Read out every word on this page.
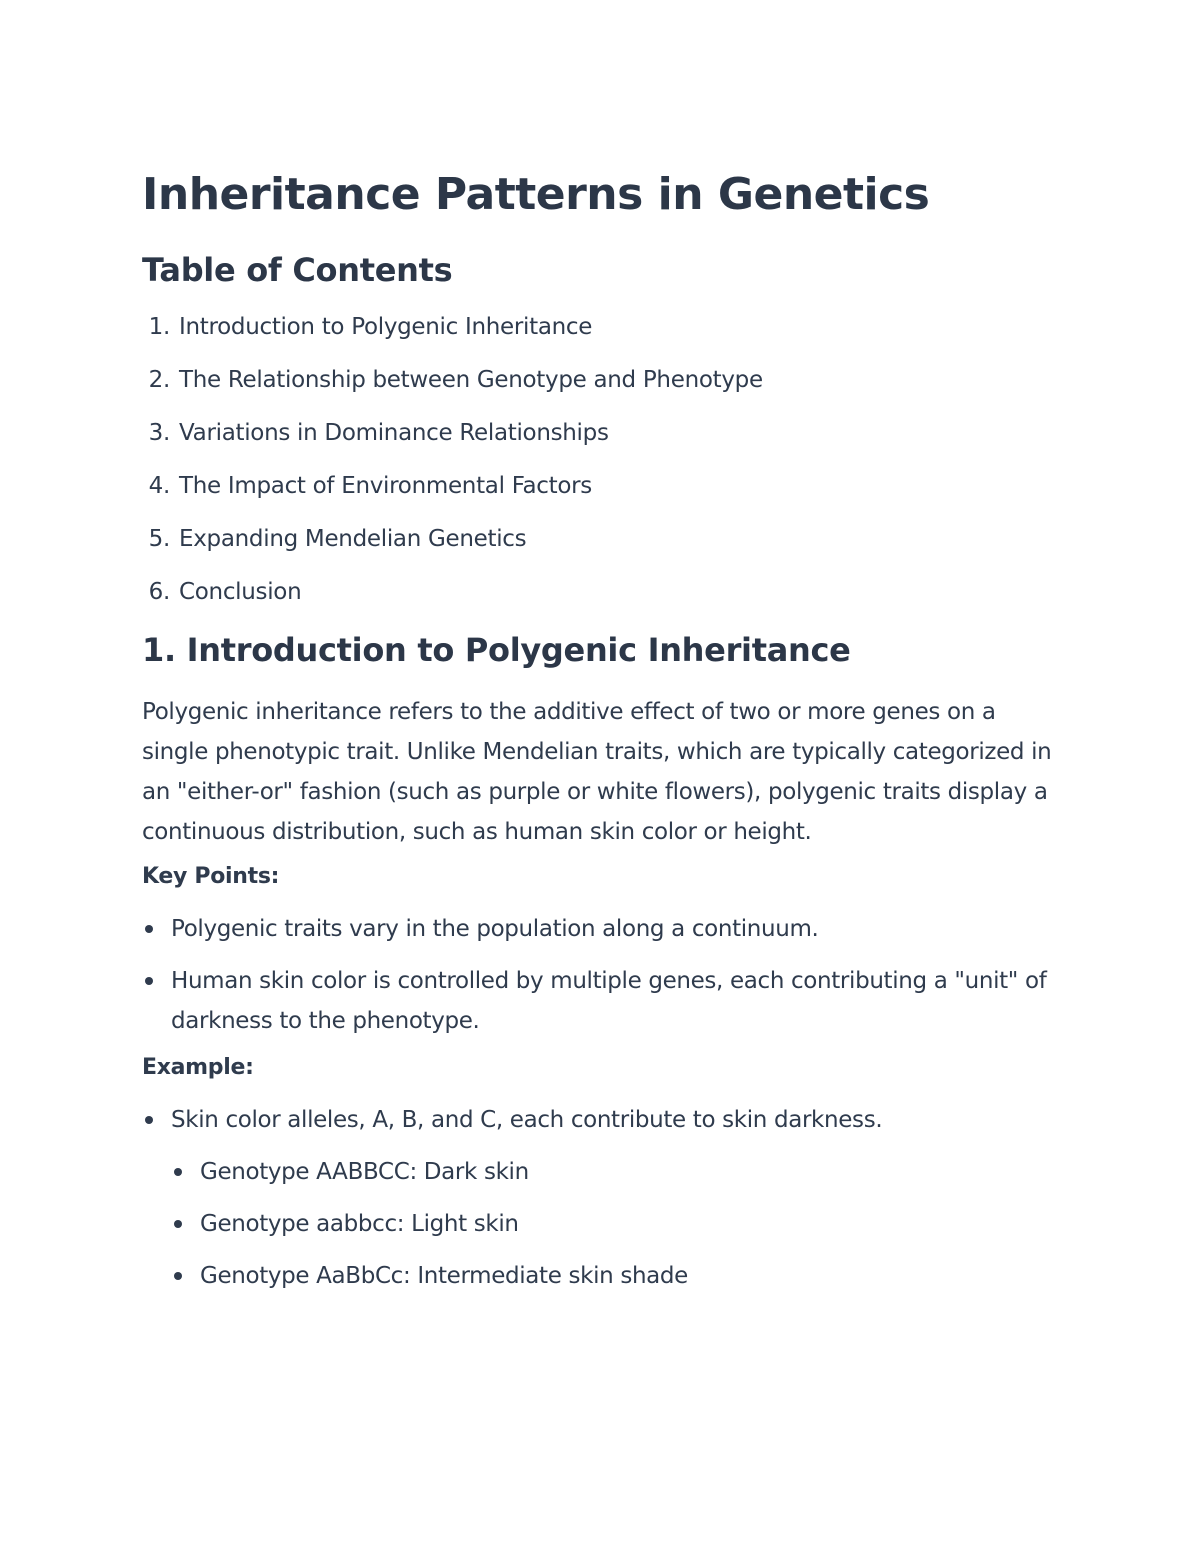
Inheritance Patterns in Genetics
Table of Contents
1. Introduction to Polygenic Inheritance
2. The Relationship between Genotype and Phenotype
3. Variations in Dominance Relationships
4. The Impact of Environmental Factors
5. Expanding Mendelian Genetics
6. Conclusion
1. Introduction to Polygenic Inheritance

Polygenic inheritance refers to the additive effect of two or more genes on a single phenotypic trait. Unlike Mendelian traits, which are typically categorized in an "either-or" fashion (such as purple or white flowers), polygenic traits display a continuous distribution, such as human skin color or height.

Key Points:
Polygenic traits vary in the population along a continuum.
Human skin color is controlled by multiple genes, each contributing a "unit" of darkness to the phenotype.
Example:
Skin color alleles, A, B, and C, each contribute to skin darkness.
Genotype AABBCC: Dark skin
Genotype aabbcc: Light skin
Genotype AaBbCc: Intermediate skin shade
